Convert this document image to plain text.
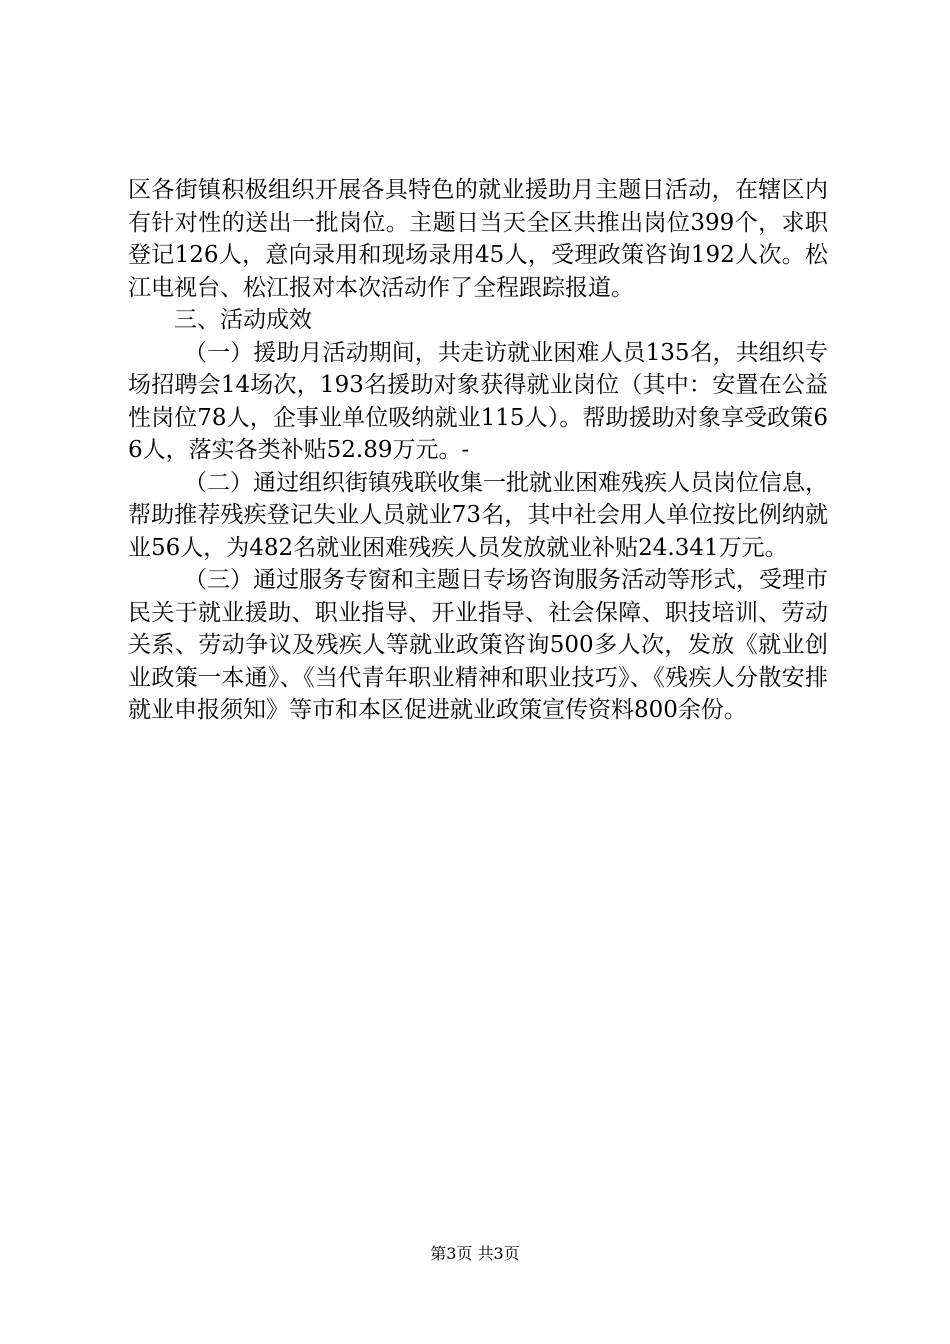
区各街镇积极组织开展各具特色的就业援助月主题日活动，在辖区内有针对性的送出一批岗位。主题日当天全区共推出岗位399个，求职登记126人，意向录用和现场录用45人，受理政策咨询192人次。松江电视台、松江报对本次活动作了全程跟踪报道。

三、活动成效

（一）援助月活动期间，共走访就业困难人员135名，共组织专场招聘会14场次，193名援助对象获得就业岗位（其中：安置在公益性岗位78人，企事业单位吸纳就业115人）。帮助援助对象享受政策66人，落实各类补贴52.89万元。-

（二）通过组织街镇残联收集一批就业困难残疾人员岗位信息，帮助推荐残疾登记失业人员就业73名，其中社会用人单位按比例纳就业56人，为482名就业困难残疾人员发放就业补贴24.341万元。

（三）通过服务专窗和主题日专场咨询服务活动等形式，受理市民关于就业援助、职业指导、开业指导、社会保障、职技培训、劳动关系、劳动争议及残疾人等就业政策咨询500多人次，发放《就业创业政策一本通》、《当代青年职业精神和职业技巧》、《残疾人分散安排就业申报须知》等市和本区促进就业政策宣传资料800余份。

第3页 共3页
